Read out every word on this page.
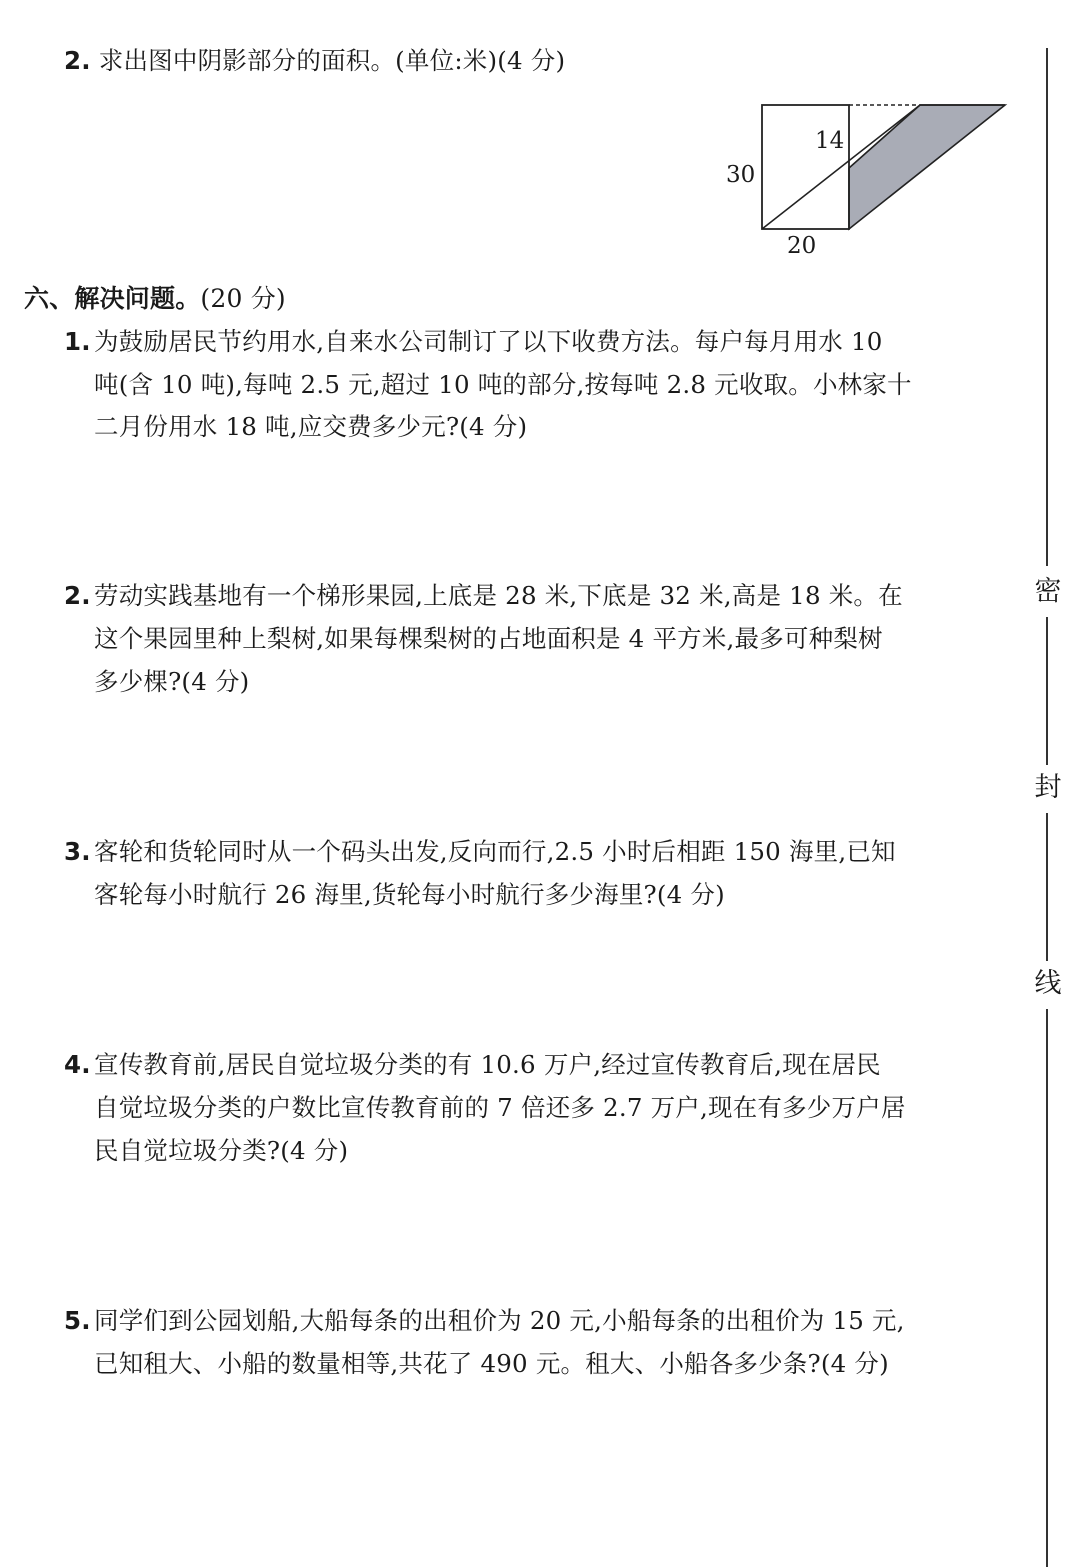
2. 求出图中阴影部分的面积。(单位:米)(4 分)
30
14
20
六、解决问题。(20 分)
1. 为鼓励居民节约用水,自来水公司制订了以下收费方法。每户每月用水 10
吨(含 10 吨),每吨 2.5 元,超过 10 吨的部分,按每吨 2.8 元收取。小林家十
二月份用水 18 吨,应交费多少元?(4 分)
2. 劳动实践基地有一个梯形果园,上底是 28 米,下底是 32 米,高是 18 米。在
这个果园里种上梨树,如果每棵梨树的占地面积是 4 平方米,最多可种梨树
多少棵?(4 分)
3. 客轮和货轮同时从一个码头出发,反向而行,2.5 小时后相距 150 海里,已知
客轮每小时航行 26 海里,货轮每小时航行多少海里?(4 分)
4. 宣传教育前,居民自觉垃圾分类的有 10.6 万户,经过宣传教育后,现在居民
自觉垃圾分类的户数比宣传教育前的 7 倍还多 2.7 万户,现在有多少万户居
民自觉垃圾分类?(4 分)
5. 同学们到公园划船,大船每条的出租价为 20 元,小船每条的出租价为 15 元,
已知租大、小船的数量相等,共花了 490 元。租大、小船各多少条?(4 分)
密
封
线
